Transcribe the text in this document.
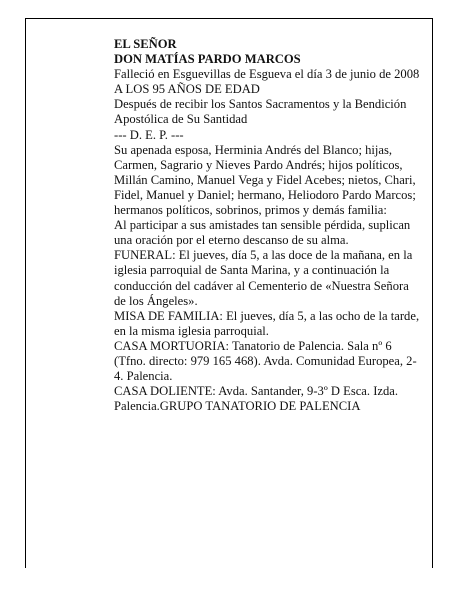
EL SEÑOR

DON MATÍAS PARDO MARCOS

Falleció en Esguevillas de Esgueva el día 3 de junio de 2008

A LOS 95 AÑOS DE EDAD

Después de recibir los Santos Sacramentos y la Bendición Apostólica de Su Santidad

--- D. E. P. ---

Su apenada esposa, Herminia Andrés del Blanco; hijas, Carmen, Sagrario y Nieves Pardo Andrés; hijos políticos, Millán Camino, Manuel Vega y Fidel Acebes; nietos, Chari, Fidel, Manuel y Daniel; hermano, Heliodoro Pardo Marcos; hermanos políticos, sobrinos, primos y demás familia:

Al participar a sus amistades tan sensible pérdida, suplican una oración por el eterno descanso de su alma.

FUNERAL: El jueves, día 5, a las doce de la mañana, en la iglesia parroquial de Santa Marina, y a continuación la conducción del cadáver al Cementerio de «Nuestra Señora de los Ángeles».

MISA DE FAMILIA: El jueves, día 5, a las ocho de la tarde, en la misma iglesia parroquial.

CASA MORTUORIA: Tanatorio de Palencia. Sala nº 6 (Tfno. directo: 979 165 468). Avda. Comunidad Europea, 2-4. Palencia.

CASA DOLIENTE: Avda. Santander, 9-3º D Esca. Izda. Palencia.GRUPO TANATORIO DE PALENCIA
